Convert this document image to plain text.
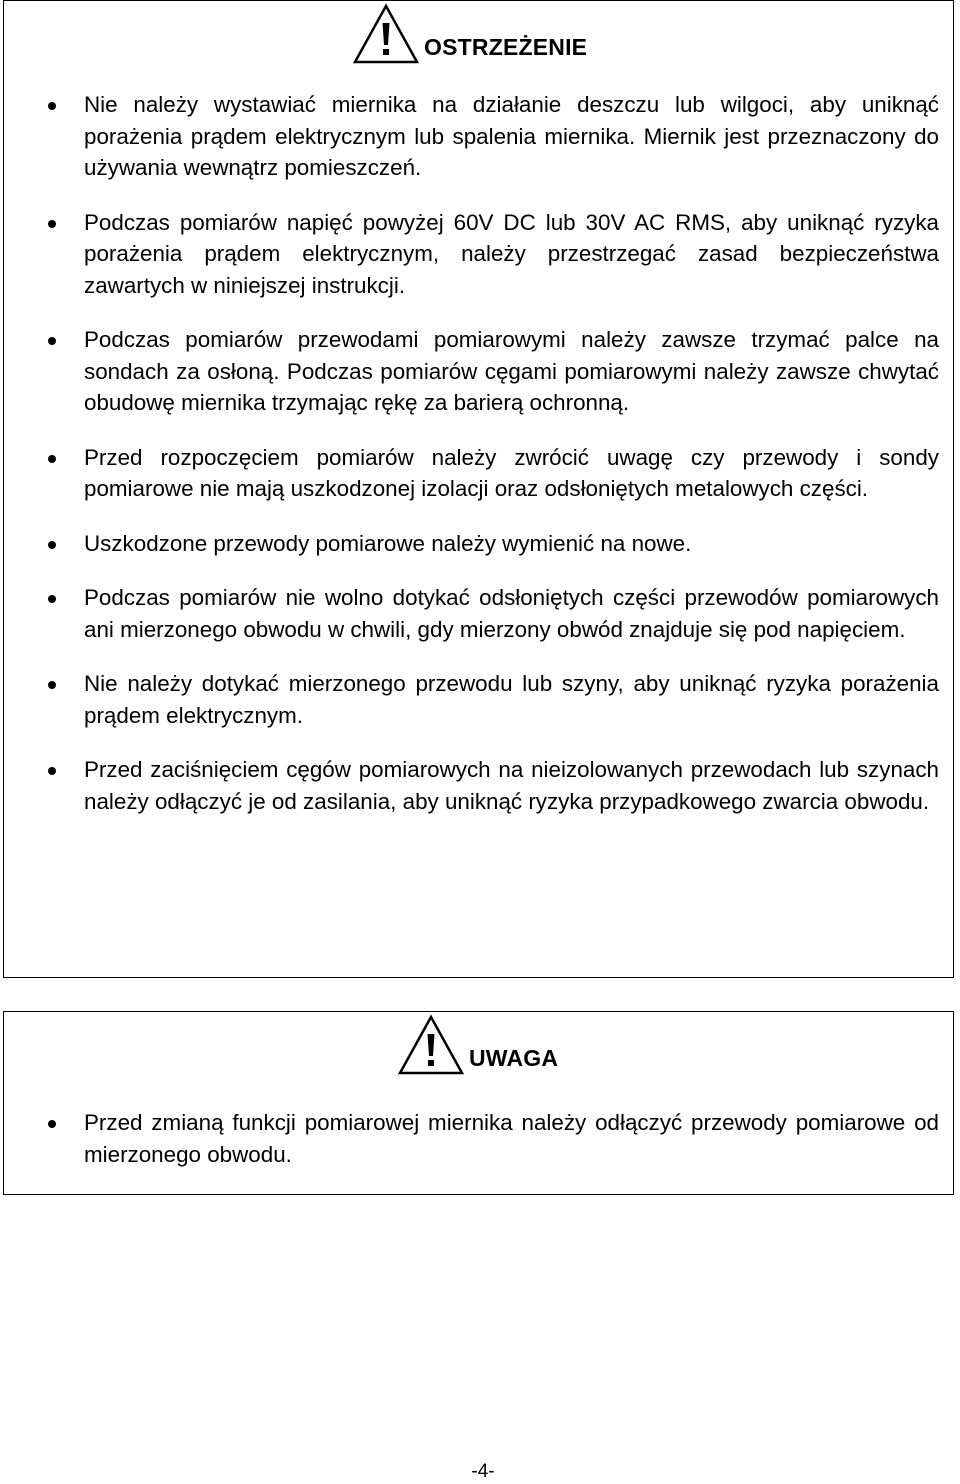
OSTRZEŻENIE
Nie należy wystawiać miernika na działanie deszczu lub wilgoci, aby uniknąć porażenia prądem elektrycznym lub spalenia miernika. Miernik jest przeznaczony do używania wewnątrz pomieszczeń.
Podczas pomiarów napięć powyżej 60V DC lub 30V AC RMS, aby uniknąć ryzyka porażenia prądem elektrycznym, należy przestrzegać zasad bezpieczeństwa zawartych w niniejszej instrukcji.
Podczas pomiarów przewodami pomiarowymi należy zawsze trzymać palce na sondach za osłoną. Podczas pomiarów cęgami pomiarowymi należy zawsze chwytać obudowę miernika trzymając rękę za barierą ochronną.
Przed rozpoczęciem pomiarów należy zwrócić uwagę czy przewody i sondy pomiarowe nie mają uszkodzonej izolacji oraz odsłoniętych metalowych części.
Uszkodzone przewody pomiarowe należy wymienić na nowe.
Podczas pomiarów nie wolno dotykać odsłoniętych części przewodów pomiarowych ani mierzonego obwodu w chwili, gdy mierzony obwód znajduje się pod napięciem.
Nie należy dotykać mierzonego przewodu lub szyny, aby uniknąć ryzyka porażenia prądem elektrycznym.
Przed zaciśnięciem cęgów pomiarowych na nieizolowanych przewodach lub szynach należy odłączyć je od zasilania, aby uniknąć ryzyka przypadkowego zwarcia obwodu.
UWAGA
Przed zmianą funkcji pomiarowej miernika należy odłączyć przewody pomiarowe od mierzonego obwodu.
-4-
